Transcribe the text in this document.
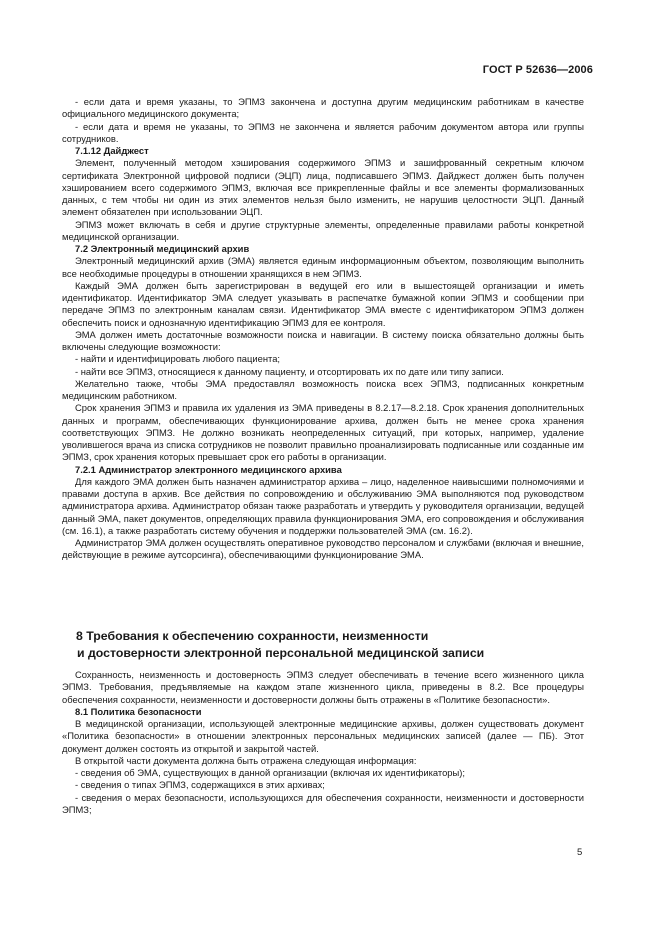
ГОСТ Р 52636—2006

- если дата и время указаны, то ЭПМЗ закончена и доступна другим медицинским работникам в качестве официального медицинского документа;

- если дата и время не указаны, то ЭПМЗ не закончена и является рабочим документом автора или группы сотрудников.

7.1.12 Дайджест

Элемент, полученный методом хэширования содержимого ЭПМЗ и зашифрованный секретным ключом сертификата Электронной цифровой подписи (ЭЦП) лица, подписавшего ЭПМЗ. Дайджест должен быть получен хэшированием всего содержимого ЭПМЗ, включая все прикрепленные файлы и все элементы формализованных данных, с тем чтобы ни один из этих элементов нельзя было изменить, не нарушив целостности ЭЦП. Данный элемент обязателен при использовании ЭЦП.

ЭПМЗ может включать в себя и другие структурные элементы, определенные правилами работы конкретной медицинской организации.

7.2 Электронный медицинский архив

Электронный медицинский архив (ЭМА) является единым информационным объектом, позволяющим выполнить все необходимые процедуры в отношении хранящихся в нем ЭПМЗ.

Каждый ЭМА должен быть зарегистрирован в ведущей его или в вышестоящей организации и иметь идентификатор. Идентификатор ЭМА следует указывать в распечатке бумажной копии ЭПМЗ и сообщении при передаче ЭПМЗ по электронным каналам связи. Идентификатор ЭМА вместе с идентификатором ЭПМЗ должен обеспечить поиск и однозначную идентификацию ЭПМЗ для ее контроля.

ЭМА должен иметь достаточные возможности поиска и навигации. В систему поиска обязательно должны быть включены следующие возможности:

- найти и идентифицировать любого пациента;

- найти все ЭПМЗ, относящиеся к данному пациенту, и отсортировать их по дате или типу записи.

Желательно также, чтобы ЭМА предоставлял возможность поиска всех ЭПМЗ, подписанных конкретным медицинским работником.

Срок хранения ЭПМЗ и правила их удаления из ЭМА приведены в 8.2.17—8.2.18. Срок хранения дополнительных данных и программ, обеспечивающих функционирование архива, должен быть не менее срока хранения соответствующих ЭПМЗ. Не должно возникать неопределенных ситуаций, при которых, например, удаление уволившегося врача из списка сотрудников не позволит правильно проанализировать подписанные или созданные им ЭПМЗ, срок хранения которых превышает срок его работы в организации.

7.2.1 Администратор электронного медицинского архива

Для каждого ЭМА должен быть назначен администратор архива – лицо, наделенное наивысшими полномочиями и правами доступа в архив. Все действия по сопровождению и обслуживанию ЭМА выполняются под руководством администратора архива. Администратор обязан также разработать и утвердить у руководителя организации, ведущей данный ЭМА, пакет документов, определяющих правила функционирования ЭМА, его сопровождения и обслуживания (см. 16.1), а также разработать систему обучения и поддержки пользователей ЭМА (см. 16.2).

Администратор ЭМА должен осуществлять оперативное руководство персоналом и службами (включая и внешние, действующие в режиме аутсорсинга), обеспечивающими функционирование ЭМА.

8 Требования к обеспечению сохранности, неизменности
и достоверности электронной персональной медицинской записи

Сохранность, неизменность и достоверность ЭПМЗ следует обеспечивать в течение всего жизненного цикла ЭПМЗ. Требования, предъявляемые на каждом этапе жизненного цикла, приведены в 8.2. Все процедуры обеспечения сохранности, неизменности и достоверности должны быть отражены в «Политике безопасности».

8.1 Политика безопасности

В медицинской организации, использующей электронные медицинские архивы, должен существовать документ «Политика безопасности» в отношении электронных персональных медицинских записей (далее — ПБ). Этот документ должен состоять из открытой и закрытой частей.

В открытой части документа должна быть отражена следующая информация:

- сведения об ЭМА, существующих в данной организации (включая их идентификаторы);

- сведения о типах ЭПМЗ, содержащихся в этих архивах;

- сведения о мерах безопасности, использующихся для обеспечения сохранности, неизменности и достоверности ЭПМЗ;

5
